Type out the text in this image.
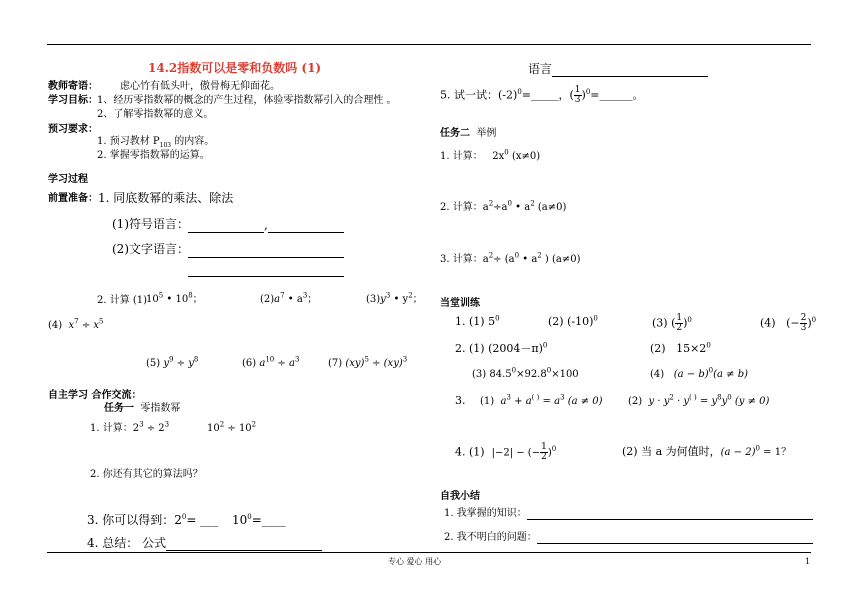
14.2指数可以是零和负数吗 (1)
教师寄语： 虑心竹有低头叶，傲骨梅无仰面花。
学习目标： 1、经历零指数幂的概念的产生过程，体验零指数幂引入的合理性 。
2、了解零指数幂的意义。
预习要求：
1. 预习教材 $P_{103}$ 的内容。
2. 掌握零指数幂的运算。
学习过程
前置准备： 1. 同底数幂的乘法、除法
(1)符号语言：	,
(2)文字语言：

2. 计算 (1)
$10^5$ • $10^8$；	$(2)a^7$ • $a^3$；	$(3)y^3$ • $y^2$；
(4) $x^7 \div x^5$
(5) $y^9 \div y^8$	(6) $a^{10} \div a^3$	(7) (xy)$^5$ ÷ (xy)$^3$
自主学习 合作交流：
任务一 零指数幂
1. 计算：$2^3 \div 2^3$	$10^2 \div 10^2$
2. 你还有其它的算法吗？
3. 你可以得到：$2^0=$ ___ $10^0=\_\_\_\_$
4. 总结： 公式
语言
5. 试一试：$(-2)^0=\_\_\_\_\_$，( $\frac{1}{3}$ )$^0$=______。
任务二 举例
1. 计算： $2x^0$ (x≠0)
2. 计算：$a^2\div a^0$ • $a^2$ (a≠0)
3. 计算：$a^2\div (a^0$ • $a^2$ ) (a≠0)
当堂训练
1. (1) $5^0$	(2) $(-10)^0$	(3) ( $\frac{1}{2} )^0$	(4) (− $\frac{2}{3} )^0$
2. (1) $(2004-\pi)^0$	(2) $15\times 2^0$
(3) $84.5^0\times 92.8^0\times 100$	(4) $(a - b)^0(a \ne b)$
3. (1) $a^3 + a^{( )} = a^3$ (a ≠ 0)	(2) $y \cdot y^2 \cdot y^{( )} = y^8y^0$ (y ≠ 0)
4. (1) |−2| − (− $\frac{1}{2} )^0$	(2) 当 a 为何值时，$(a - 2)^0 = 1$？
自我小结
1. 我掌握的知识：
2. 我不明白的问题：
专心 爱心 用心	1
